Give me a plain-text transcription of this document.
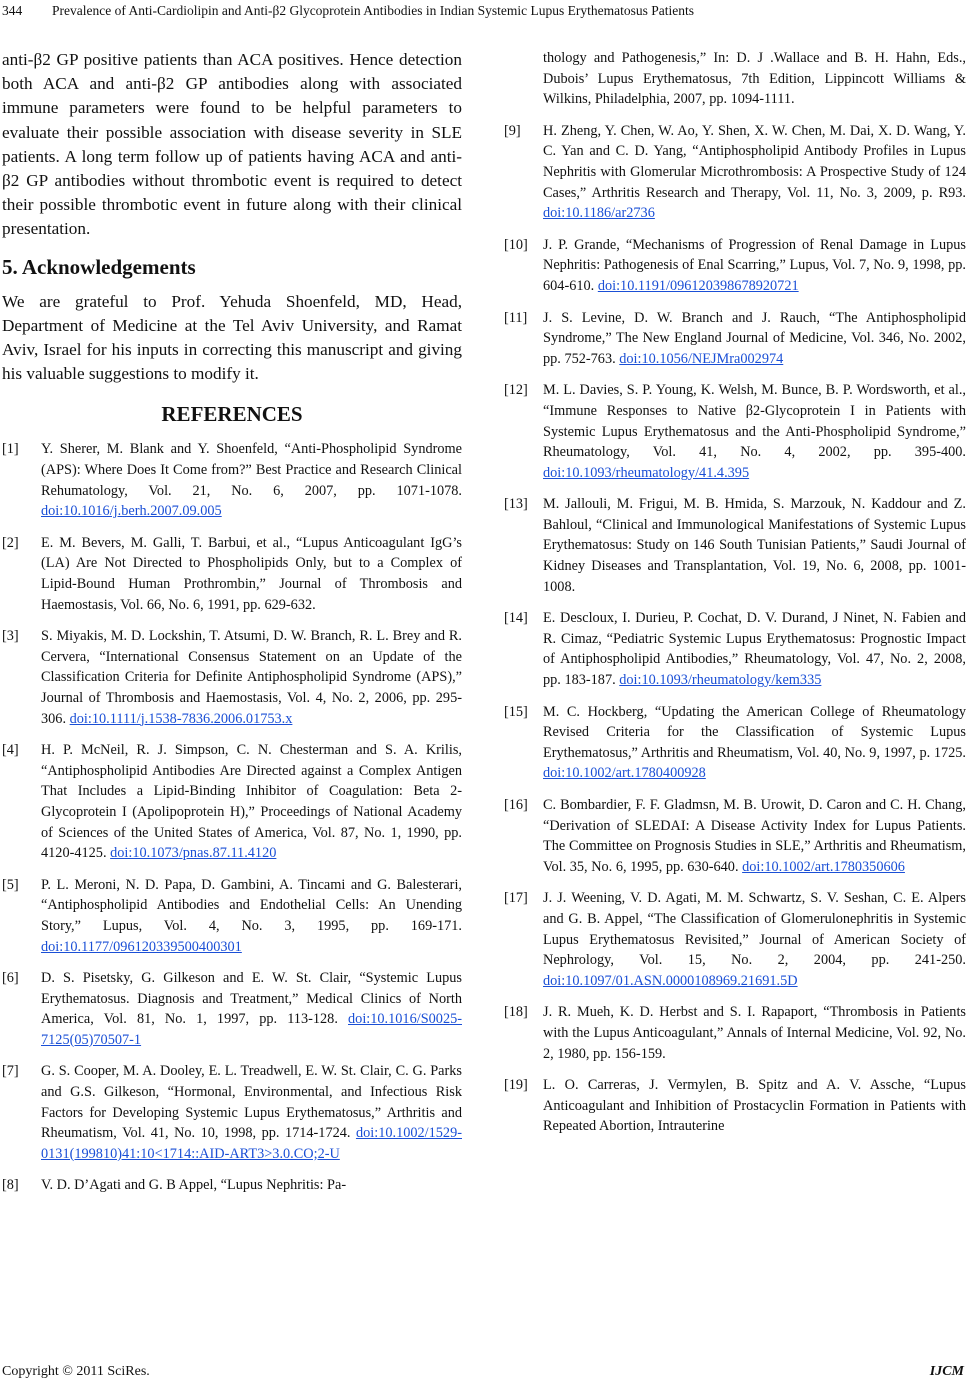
344 Prevalence of Anti-Cardiolipin and Anti-β2 Glycoprotein Antibodies in Indian Systemic Lupus Erythematosus Patients

anti-β2 GP positive patients than ACA positives. Hence detection both ACA and anti-β2 GP antibodies along with associated immune parameters were found to be helpful parameters to evaluate their possible association with disease severity in SLE patients. A long term follow up of patients having ACA and anti-β2 GP antibodies without thrombotic event is required to detect their possible thrombotic event in future along with their clinical presentation.

5. Acknowledgements

We are grateful to Prof. Yehuda Shoenfeld, MD, Head, Department of Medicine at the Tel Aviv University, and Ramat Aviv, Israel for his inputs in correcting this manuscript and giving his valuable suggestions to modify it.

REFERENCES
[1]	Y. Sherer, M. Blank and Y. Shoenfeld, “Anti-Phospholipid Syndrome (APS): Where Does It Come from?” Best Practice and Research Clinical Rehumatology, Vol. 21, No. 6, 2007, pp. 1071-1078. doi:10.1016/j.berh.2007.09.005
[2]	E. M. Bevers, M. Galli, T. Barbui, et al., “Lupus Anticoagulant IgG’s (LA) Are Not Directed to Phospholipids Only, but to a Complex of Lipid-Bound Human Prothrombin,” Journal of Thrombosis and Haemostasis, Vol. 66, No. 6, 1991, pp. 629-632.
[3]	S. Miyakis, M. D. Lockshin, T. Atsumi, D. W. Branch, R. L. Brey and R. Cervera, “International Consensus Statement on an Update of the Classification Criteria for Definite Antiphospholipid Syndrome (APS),” Journal of Thrombosis and Haemostasis, Vol. 4, No. 2, 2006, pp. 295-306. doi:10.1111/j.1538-7836.2006.01753.x
[4]	H. P. McNeil, R. J. Simpson, C. N. Chesterman and S. A. Krilis, “Antiphospholipid Antibodies Are Directed against a Complex Antigen That Includes a Lipid-Binding Inhibitor of Coagulation: Beta 2-Glycoprotein I (Apolipoprotein H),” Proceedings of National Academy of Sciences of the United States of America, Vol. 87, No. 1, 1990, pp. 4120-4125. doi:10.1073/pnas.87.11.4120
[5]	P. L. Meroni, N. D. Papa, D. Gambini, A. Tincami and G. Balesterari, “Antiphospholipid Antibodies and Endothelial Cells: An Unending Story,” Lupus, Vol. 4, No. 3, 1995, pp. 169-171. doi:10.1177/096120339500400301
[6]	D. S. Pisetsky, G. Gilkeson and E. W. St. Clair, “Systemic Lupus Erythematosus. Diagnosis and Treatment,” Medical Clinics of North America, Vol. 81, No. 1, 1997, pp. 113-128. doi:10.1016/S0025-7125(05)70507-1
[7]	G. S. Cooper, M. A. Dooley, E. L. Treadwell, E. W. St. Clair, C. G. Parks and G.S. Gilkeson, “Hormonal, Environmental, and Infectious Risk Factors for Developing Systemic Lupus Erythematosus,” Arthritis and Rheumatism, Vol. 41, No. 10, 1998, pp. 1714-1724. doi:10.1002/1529-0131(199810)41:10<1714::AID-ART3>3.0.CO;2-U
[8]	V. D. D’Agati and G. B Appel, “Lupus Nephritis: Pa-
thology and Pathogenesis,” In: D. J .Wallace and B. H. Hahn, Eds., Dubois’ Lupus Erythematosus, 7th Edition, Lippincott Williams & Wilkins, Philadelphia, 2007, pp. 1094-1111.
[9]	H. Zheng, Y. Chen, W. Ao, Y. Shen, X. W. Chen, M. Dai, X. D. Wang, Y. C. Yan and C. D. Yang, “Antiphospholipid Antibody Profiles in Lupus Nephritis with Glomerular Microthrombosis: A Prospective Study of 124 Cases,” Arthritis Research and Therapy, Vol. 11, No. 3, 2009, p. R93. doi:10.1186/ar2736
[10]	J. P. Grande, “Mechanisms of Progression of Renal Damage in Lupus Nephritis: Pathogenesis of Enal Scarring,” Lupus, Vol. 7, No. 9, 1998, pp. 604-610. doi:10.1191/096120398678920721
[11]	J. S. Levine, D. W. Branch and J. Rauch, “The Antiphospholipid Syndrome,” The New England Journal of Medicine, Vol. 346, No. 2002, pp. 752-763. doi:10.1056/NEJMra002974
[12]	M. L. Davies, S. P. Young, K. Welsh, M. Bunce, B. P. Wordsworth, et al., “Immune Responses to Native β2-Glycoprotein I in Patients with Systemic Lupus Erythematosus and the Anti-Phospholipid Syndrome,” Rheumatology, Vol. 41, No. 4, 2002, pp. 395-400. doi:10.1093/rheumatology/41.4.395
[13]	M. Jallouli, M. Frigui, M. B. Hmida, S. Marzouk, N. Kaddour and Z. Bahloul, “Clinical and Immunological Manifestations of Systemic Lupus Erythematosus: Study on 146 South Tunisian Patients,” Saudi Journal of Kidney Diseases and Transplantation, Vol. 19, No. 6, 2008, pp. 1001-1008.
[14]	E. Descloux, I. Durieu, P. Cochat, D. V. Durand, J Ninet, N. Fabien and R. Cimaz, “Pediatric Systemic Lupus Erythematosus: Prognostic Impact of Antiphospholipid Antibodies,” Rheumatology, Vol. 47, No. 2, 2008, pp. 183-187. doi:10.1093/rheumatology/kem335
[15]	M. C. Hockberg, “Updating the American College of Rheumatology Revised Criteria for the Classification of Systemic Lupus Erythematosus,” Arthritis and Rheumatism, Vol. 40, No. 9, 1997, p. 1725. doi:10.1002/art.1780400928
[16]	C. Bombardier, F. F. Gladmsn, M. B. Urowit, D. Caron and C. H. Chang, “Derivation of SLEDAI: A Disease Activity Index for Lupus Patients. The Committee on Prognosis Studies in SLE,” Arthritis and Rheumatism, Vol. 35, No. 6, 1995, pp. 630-640. doi:10.1002/art.1780350606
[17]	J. J. Weening, V. D. Agati, M. M. Schwartz, S. V. Seshan, C. E. Alpers and G. B. Appel, “The Classification of Glomerulonephritis in Systemic Lupus Erythematosus Revisited,” Journal of American Society of Nephrology, Vol. 15, No. 2, 2004, pp. 241-250. doi:10.1097/01.ASN.0000108969.21691.5D
[18]	J. R. Mueh, K. D. Herbst and S. I. Rapaport, “Thrombosis in Patients with the Lupus Anticoagulant,” Annals of Internal Medicine, Vol. 92, No. 2, 1980, pp. 156-159.
[19]	L. O. Carreras, J. Vermylen, B. Spitz and A. V. Assche, “Lupus Anticoagulant and Inhibition of Prostacyclin Formation in Patients with Repeated Abortion, Intrauterine
Copyright © 2011 SciRes.	IJCM
